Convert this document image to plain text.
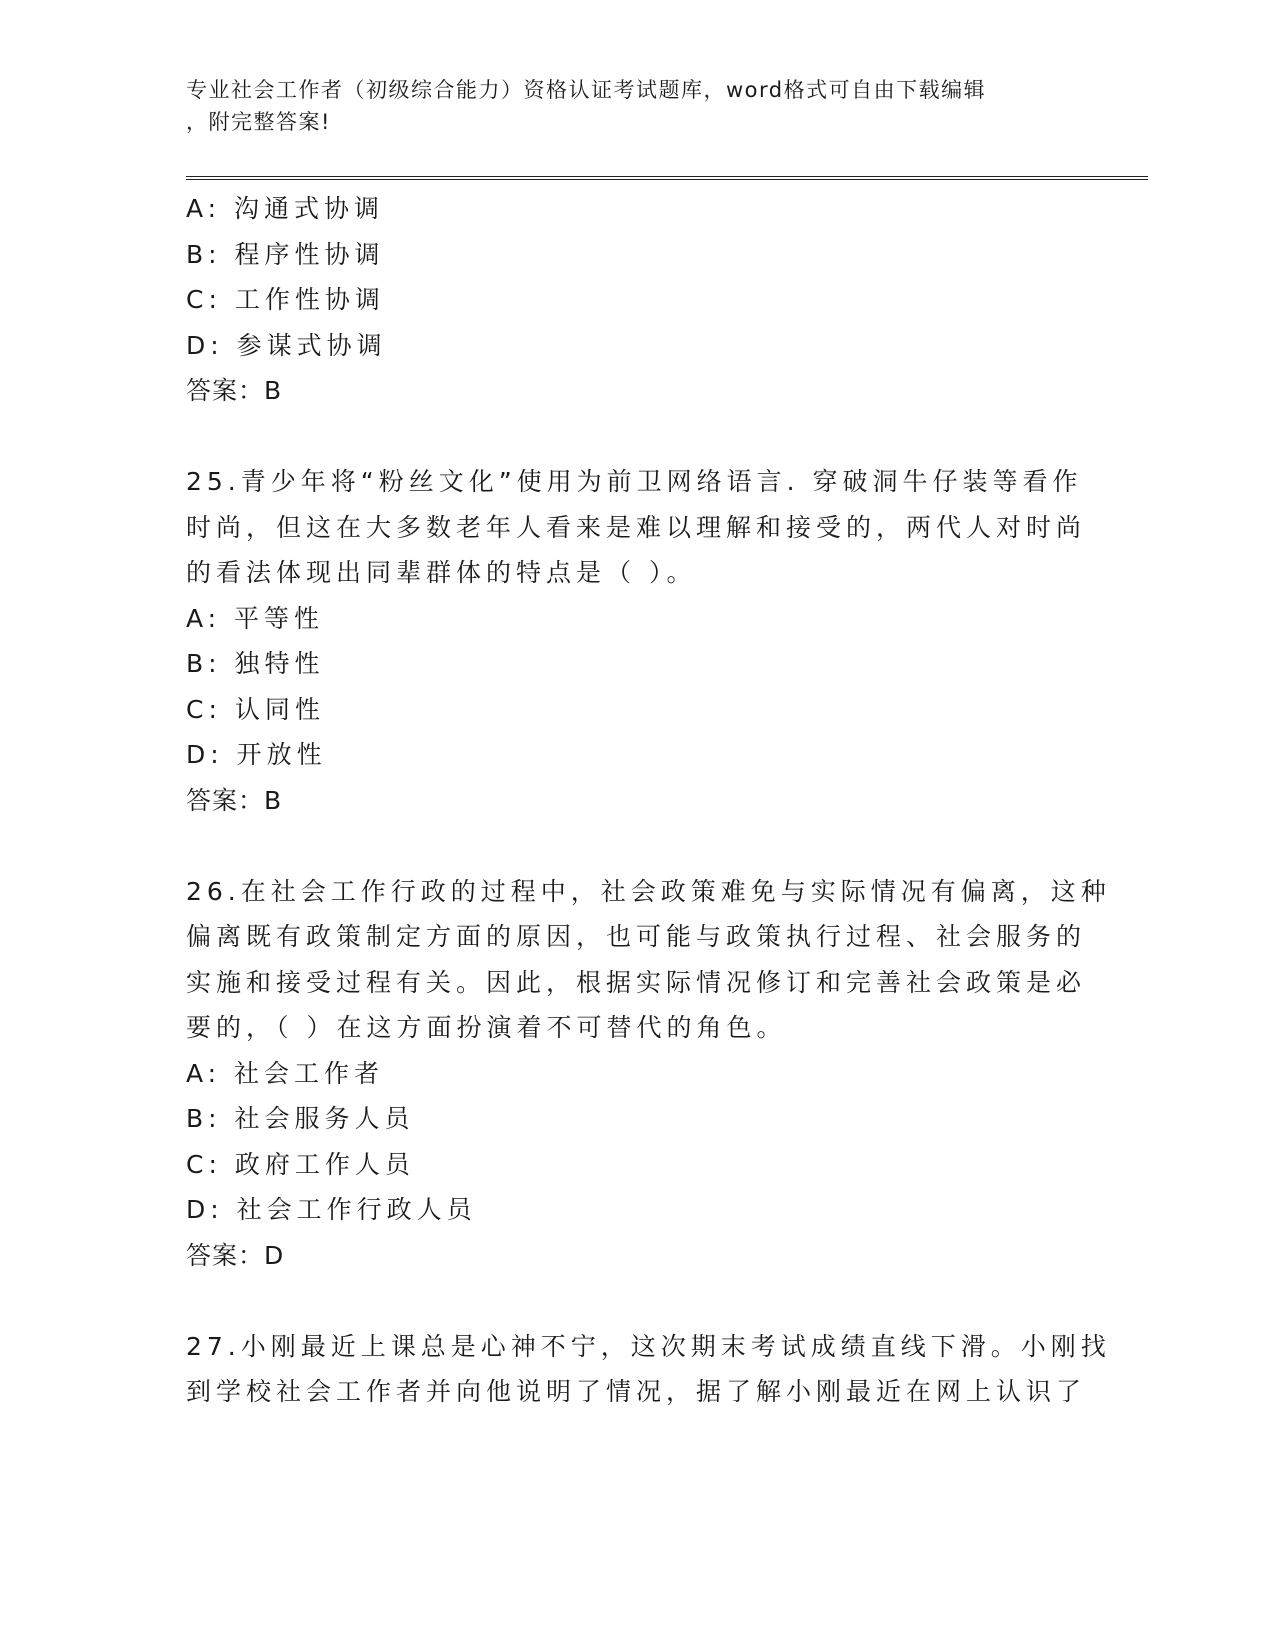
专业社会工作者（初级综合能力）资格认证考试题库，word格式可自由下载编辑
，附完整答案!
A: 沟通式协调
B: 程序性协调
C: 工作性协调
D: 参谋式协调
答案：B
25.青少年将“粉丝文化”使用为前卫网络语言. 穿破洞牛仔装等看作
时尚，但这在大多数老年人看来是难以理解和接受的，两代人对时尚
的看法体现出同辈群体的特点是（ ）。
A: 平等性
B: 独特性
C: 认同性
D: 开放性
答案：B
26.在社会工作行政的过程中，社会政策难免与实际情况有偏离，这种
偏离既有政策制定方面的原因，也可能与政策执行过程、社会服务的
实施和接受过程有关。因此，根据实际情况修订和完善社会政策是必
要的，（ ）在这方面扮演着不可替代的角色。
A: 社会工作者
B: 社会服务人员
C: 政府工作人员
D: 社会工作行政人员
答案：D
27.小刚最近上课总是心神不宁，这次期末考试成绩直线下滑。小刚找
到学校社会工作者并向他说明了情况，据了解小刚最近在网上认识了
